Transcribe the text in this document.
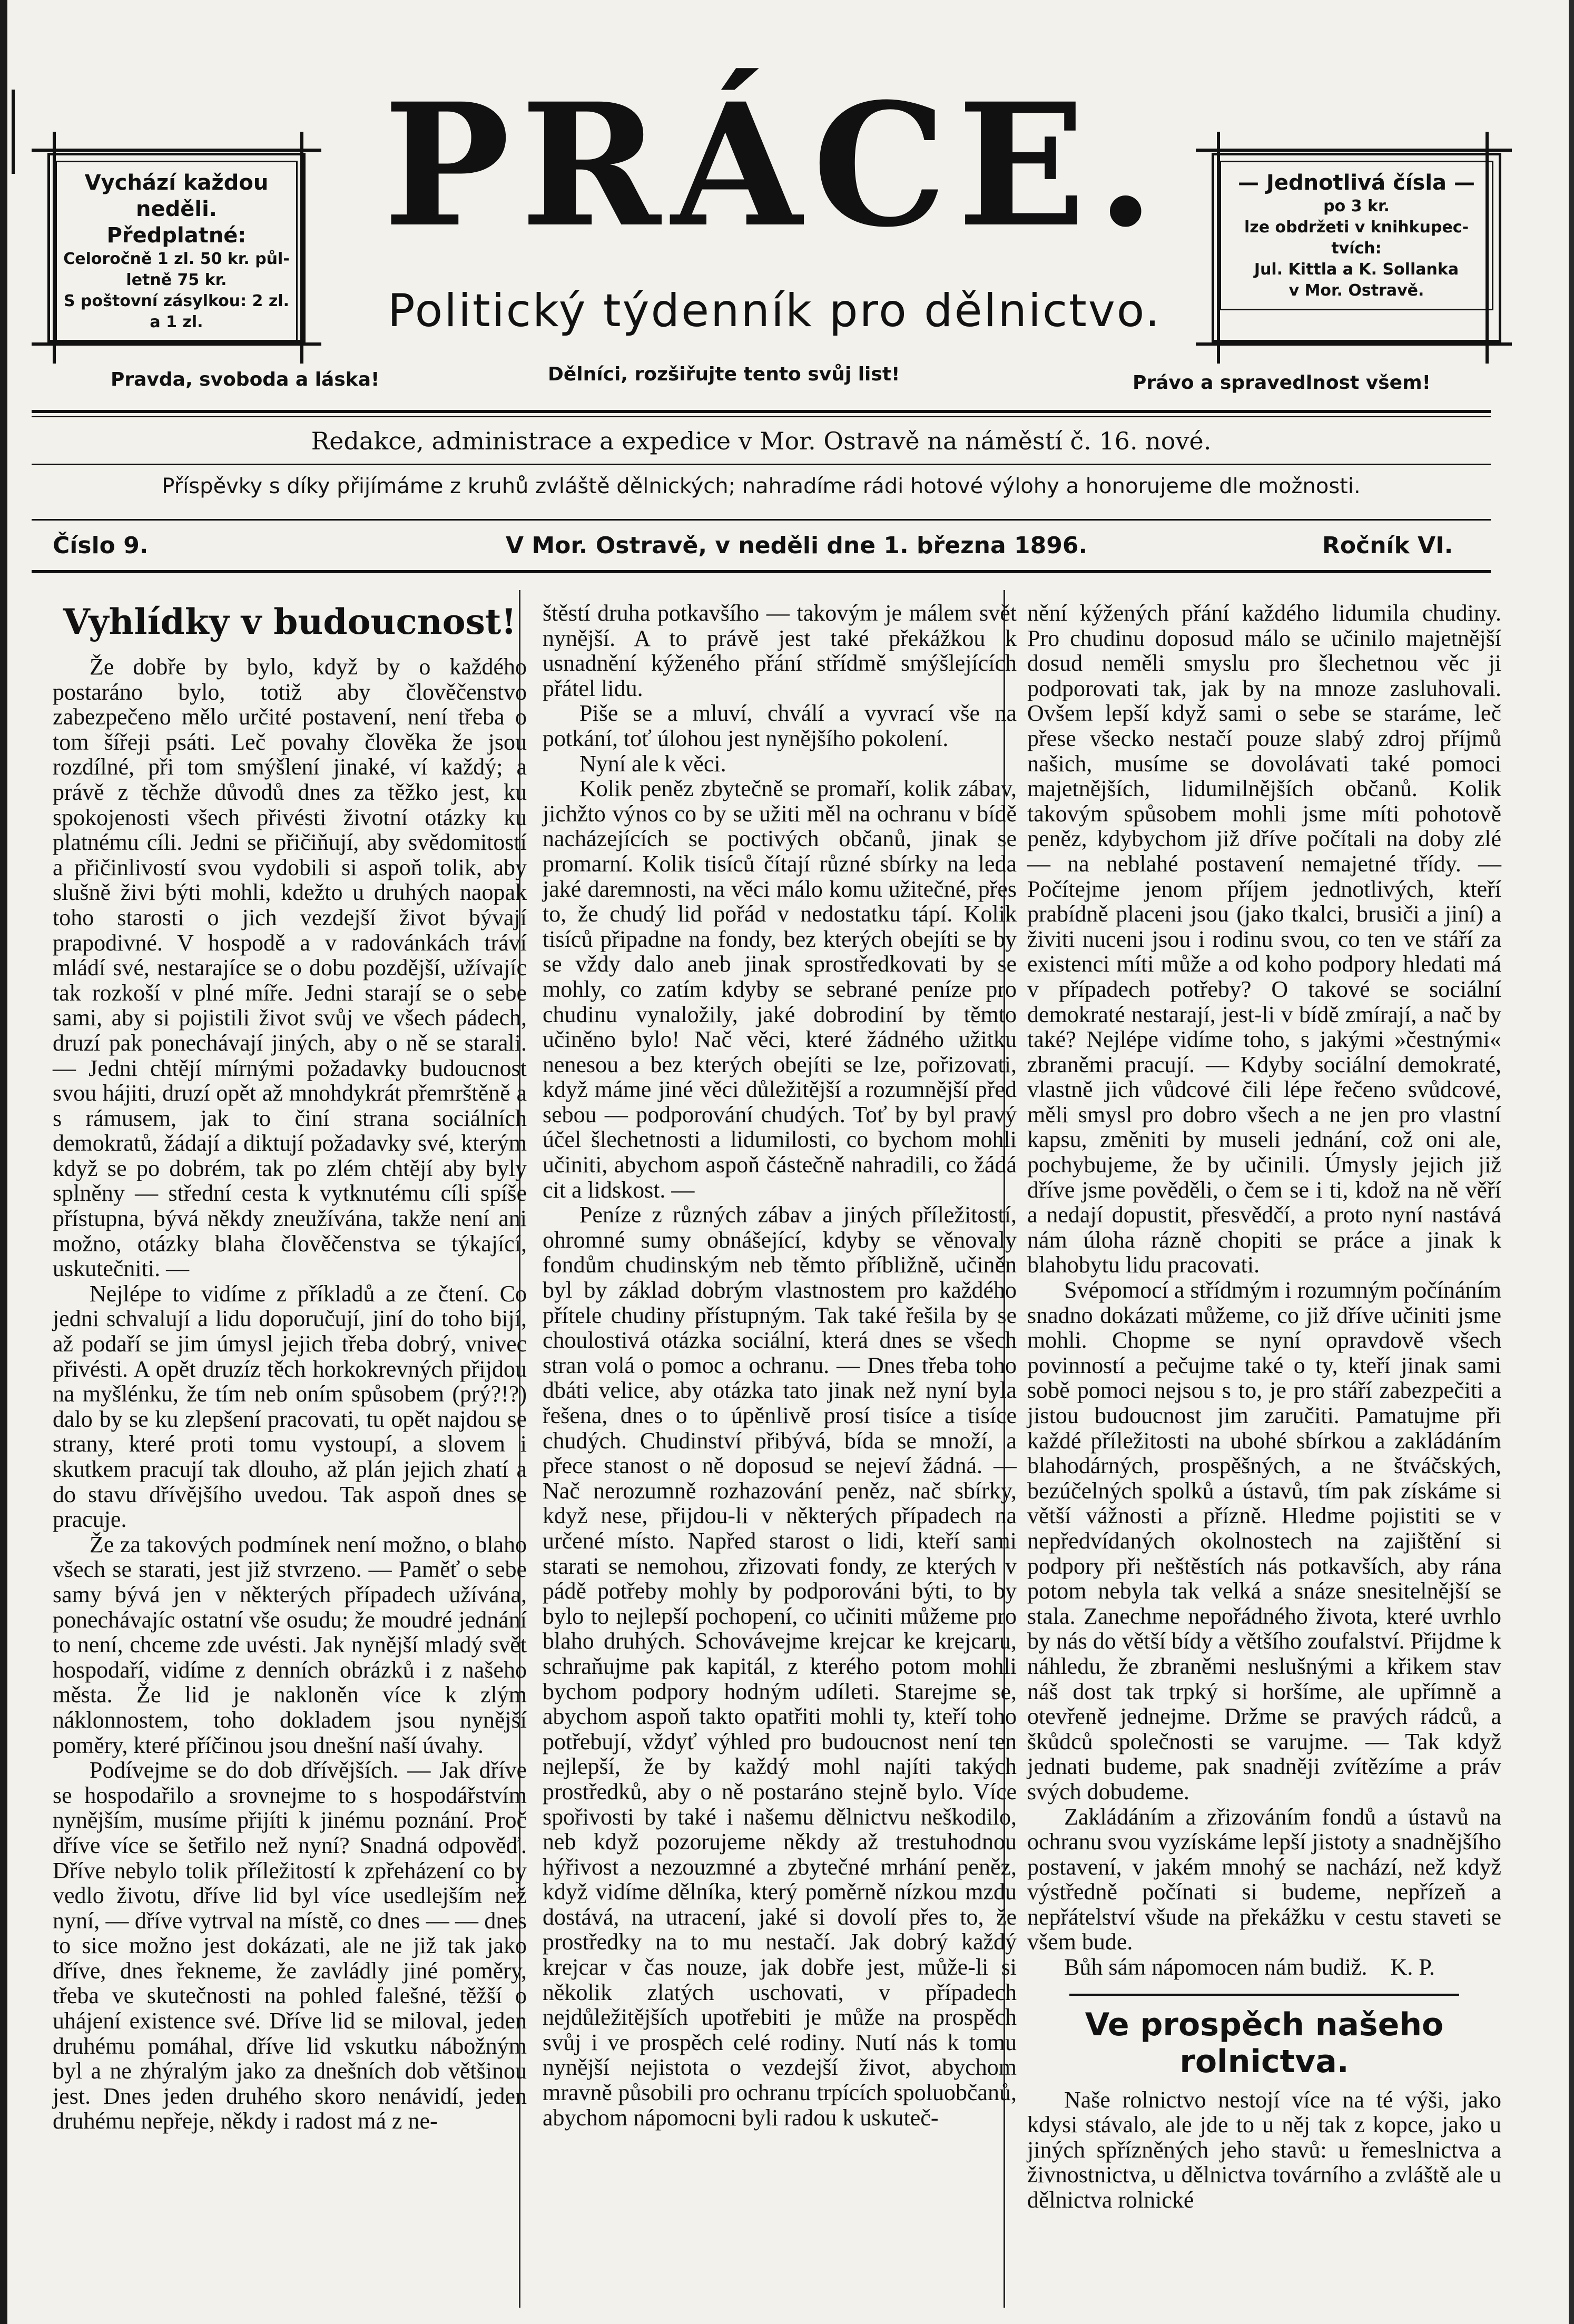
Vychází každou neděli.
Předplatné:
Celoročně 1 zl. 50 kr. půl-
letně 75 kr.
S poštovní zásylkou: 2 zl.
a 1 zl.
— Jednotlivá čísla —
po 3 kr.
lze obdržeti v knihkupec-
tvích:
Jul. Kittla a K. Sollanka
v Mor. Ostravě.
PRÁCE.
Politický týdenník pro dělnictvo.
Pravda, svoboda a láska!	Dělníci, rozšiřujte tento svůj list!	Právo a spravedlnost všem!
Redakce, administrace a expedice v Mor. Ostravě na náměstí č. 16. nové.
Příspěvky s díky přijímáme z kruhů zvláště dělnických; nahradíme rádi hotové výlohy a honorujeme dle možnosti.
Číslo 9.	V Mor. Ostravě, v neděli dne 1. března 1896.	Ročník VI.
Vyhlídky v budoucnost!

Že dobře by bylo, když by o každého postaráno bylo, totiž aby člověčenstvo zabezpečeno mělo určité postavení, není třeba o tom šířeji psáti. Leč povahy člověka že jsou rozdílné, při tom smýšlení jinaké, ví každý; a právě z těchže důvodů dnes za těžko jest, ku spokojenosti všech přivésti životní otázky ku platnému cíli. Jedni se přičiňují, aby svědomitostí a přičinlivostí svou vydobili si aspoň tolik, aby slušně živi býti mohli, kdežto u druhých naopak toho starosti o jich vezdejší život bývají prapodivné. V hospodě a v radovánkách tráví mládí své, nestarajíce se o dobu pozdější, užívajíc tak rozkoší v plné míře. Jedni starají se o sebe sami, aby si pojistili život svůj ve všech pádech, druzí pak ponechávají jiných, aby o ně se starali. — Jedni chtějí mírnými požadavky budoucnost svou hájiti, druzí opět až mnohdykrát přemrštěně a s rámusem, jak to činí strana sociálních demokratů, žádají a diktují požadavky své, kterým když se po dobrém, tak po zlém chtějí aby byly splněny — střední cesta k vytknutému cíli spíše přístupna, bývá někdy zneužívána, takže není ani možno, otázky blaha člověčenstva se týkající, uskutečniti. —

Nejlépe to vidíme z příkladů a ze čtení. Co jedni schvalují a lidu doporučují, jiní do toho bijí, až podaří se jim úmysl jejich třeba dobrý, vnivec přivésti. A opět druzíz těch horkokrevných přijdou na myšlénku, že tím neb oním spůsobem (prý?!?) dalo by se ku zlepšení pracovati, tu opět najdou se strany, které proti tomu vystoupí, a slovem i skutkem pracují tak dlouho, až plán jejich zhatí a do stavu dřívějšího uvedou. Tak aspoň dnes se pracuje.

Že za takových podmínek není možno, o blaho všech se starati, jest již stvrzeno. — Paměť o sebe samy bývá jen v některých případech užívána, ponechávajíc ostatní vše osudu; že moudré jednání to není, chceme zde uvésti. Jak nynější mladý svět hospodaří, vidíme z denních obrázků i z našeho města. Že lid je nakloněn více k zlým náklonnostem, toho dokladem jsou nynější poměry, které příčinou jsou dnešní naší úvahy.

Podívejme se do dob dřívějších. — Jak dříve se hospodařilo a srovnejme to s hospodářstvím nynějším, musíme přijíti k jinému poznání. Proč dříve více se šetřilo než nyní? Snadná odpověď. Dříve nebylo tolik příležitostí k zpřeházení co by vedlo životu, dříve lid byl více usedlejším než nyní, — dříve vytrval na místě, co dnes — — dnes to sice možno jest dokázati, ale ne již tak jako dříve, dnes řekneme, že zavládly jiné poměry, třeba ve skutečnosti na pohled falešné, těžší o uhájení existence své. Dříve lid se miloval, jeden druhému pomáhal, dříve lid vskutku nábožným byl a ne zhýralým jako za dnešních dob většinou jest. Dnes jeden druhého skoro nenávidí, jeden druhému nepřeje, někdy i radost má z ne-

štěstí druha potkavšího — takovým je málem svět nynější. A to právě jest také překážkou k usnadnění kýženého přání střídmě smýšlejících přátel lidu.

Piše se a mluví, chválí a vyvrací vše na potkání, toť úlohou jest nynějšího pokolení.

Nyní ale k věci.

Kolik peněz zbytečně se promaří, kolik zábav, jichžto výnos co by se užiti měl na ochranu v bídě nacházejících se poctivých občanů, jinak se promarní. Kolik tisíců čítají různé sbírky na leda jaké daremnosti, na věci málo komu užitečné, přes to, že chudý lid pořád v nedostatku tápí. Kolik tisíců připadne na fondy, bez kterých obejíti se by se vždy dalo aneb jinak sprostředkovati by se mohly, co zatím kdyby se sebrané peníze pro chudinu vynaložily, jaké dobrodiní by těmto učiněno bylo! Nač věci, které žádného užitku nenesou a bez kterých obejíti se lze, pořizovati, když máme jiné věci důležitější a rozumnější před sebou — podporování chudých. Toť by byl pravý účel šlechetnosti a lidumilosti, co bychom mohli učiniti, abychom aspoň částečně nahradili, co žádá cit a lidskost. —

Peníze z různých zábav a jiných příležitostí, ohromné sumy obnášející, kdyby se věnovaly fondům chudinským neb těmto příbližně, učiněn byl by základ dobrým vlastnostem pro každého přítele chudiny přístupným. Tak také řešila by se choulostivá otázka sociální, která dnes se všech stran volá o pomoc a ochranu. — Dnes třeba toho dbáti velice, aby otázka tato jinak než nyní byla řešena, dnes o to úpěnlivě prosí tisíce a tisíce chudých. Chudinství přibývá, bída se množí, a přece stanost o ně doposud se nejeví žádná. — Nač nerozumně rozhazování peněz, nač sbírky, když nese, přijdou-li v některých případech na určené místo. Napřed starost o lidi, kteří sami starati se nemohou, zřizovati fondy, ze kterých v pádě potřeby mohly by podporováni býti, to by bylo to nejlepší pochopení, co učiniti můžeme pro blaho druhých. Schovávejme krejcar ke krejcaru, schraňujme pak kapitál, z kterého potom mohli bychom podpory hodným udíleti. Starejme se, abychom aspoň takto opatřiti mohli ty, kteří toho potřebují, vždyť výhled pro budoucnost není ten nejlepší, že by každý mohl najíti takých prostředků, aby o ně postaráno stejně bylo. Více spořivosti by také i našemu dělnictvu neškodilo, neb když pozorujeme někdy až trestuhodnou hýřivost a nezouzmné a zbytečné mrhání peněz, když vidíme dělníka, který poměrně nízkou mzdu dostává, na utracení, jaké si dovolí přes to, že prostředky na to mu nestačí. Jak dobrý každý krejcar v čas nouze, jak dobře jest, může-li si několik zlatých uschovati, v případech nejdůležitějších upotřebiti je může na prospěch svůj i ve prospěch celé rodiny. Nutí nás k tomu nynější nejistota o vezdejší život, abychom mravně působili pro ochranu trpících spoluobčanů, abychom nápomocni byli radou k uskuteč-

nění kýžených přání každého lidumila chudiny. Pro chudinu doposud málo se učinilo majetnější dosud neměli smyslu pro šlechetnou věc ji podporovati tak, jak by na mnoze zasluhovali. Ovšem lepší když sami o sebe se staráme, leč přese všecko nestačí pouze slabý zdroj příjmů našich, musíme se dovolávati také pomoci majetnějších, lidumilnějších občanů. Kolik takovým spůsobem mohli jsme míti pohotově peněz, kdybychom již dříve počítali na doby zlé — na neblahé postavení nemajetné třídy. — Počítejme jenom příjem jednotlivých, kteří prabídně placeni jsou (jako tkalci, brusiči a jiní) a živiti nuceni jsou i rodinu svou, co ten ve stáří za existenci míti může a od koho podpory hledati má v případech potřeby? O takové se sociální demokraté nestarají, jest-li v bídě zmírají, a nač by také? Nejlépe vidíme toho, s jakými »čestnými« zbraněmi pracují. — Kdyby sociální demokraté, vlastně jich vůdcové čili lépe řečeno svůdcové, měli smysl pro dobro všech a ne jen pro vlastní kapsu, změniti by museli jednání, což oni ale, pochybujeme, že by učinili. Úmysly jejich již dříve jsme pověděli, o čem se i ti, kdož na ně věří a nedají dopustit, přesvědčí, a proto nyní nastává nám úloha rázně chopiti se práce a jinak k blahobytu lidu pracovati.

Svépomocí a střídmým i rozumným počínáním snadno dokázati můžeme, co již dříve učiniti jsme mohli. Chopme se nyní opravdově všech povinností a pečujme také o ty, kteří jinak sami sobě pomoci nejsou s to, je pro stáří zabezpečiti a jistou budoucnost jim zaručiti. Pamatujme při každé příležitosti na ubohé sbírkou a zakládáním blahodárných, prospěšných, a ne štváčských, bezúčelných spolků a ústavů, tím pak získáme si větší vážnosti a přízně. Hledme pojistiti se v nepředvídaných okolnostech na zajištění si podpory při neštěstích nás potkavších, aby rána potom nebyla tak velká a snáze snesitelnější se stala. Zanechme nepořádného života, které uvrhlo by nás do větší bídy a většího zoufalství. Přijdme k náhledu, že zbraněmi neslušnými a křikem stav náš dost tak trpký si horšíme, ale upřímně a otevřeně jednejme. Držme se pravých rádců, a škůdců společnosti se varujme. — Tak když jednati budeme, pak snadněji zvítězíme a práv svých dobudeme.

Zakládáním a zřizováním fondů a ústavů na ochranu svou vyzískáme lepší jistoty a snadnějšího postavení, v jakém mnohý se nachází, než když výstředně počínati si budeme, nepřízeň a nepřátelství všude na překážku v cestu staveti se všem bude.

Bůh sám nápomocen nám budiž. K. P.

Ve prospěch našeho rolnictva.

Naše rolnictvo nestojí více na té výši, jako kdysi stávalo, ale jde to u něj tak z kopce, jako u jiných spřízněných jeho stavů: u řemeslnictva a živnostnictva, u dělnictva továrního a zvláště ale u dělnictva rolnické
